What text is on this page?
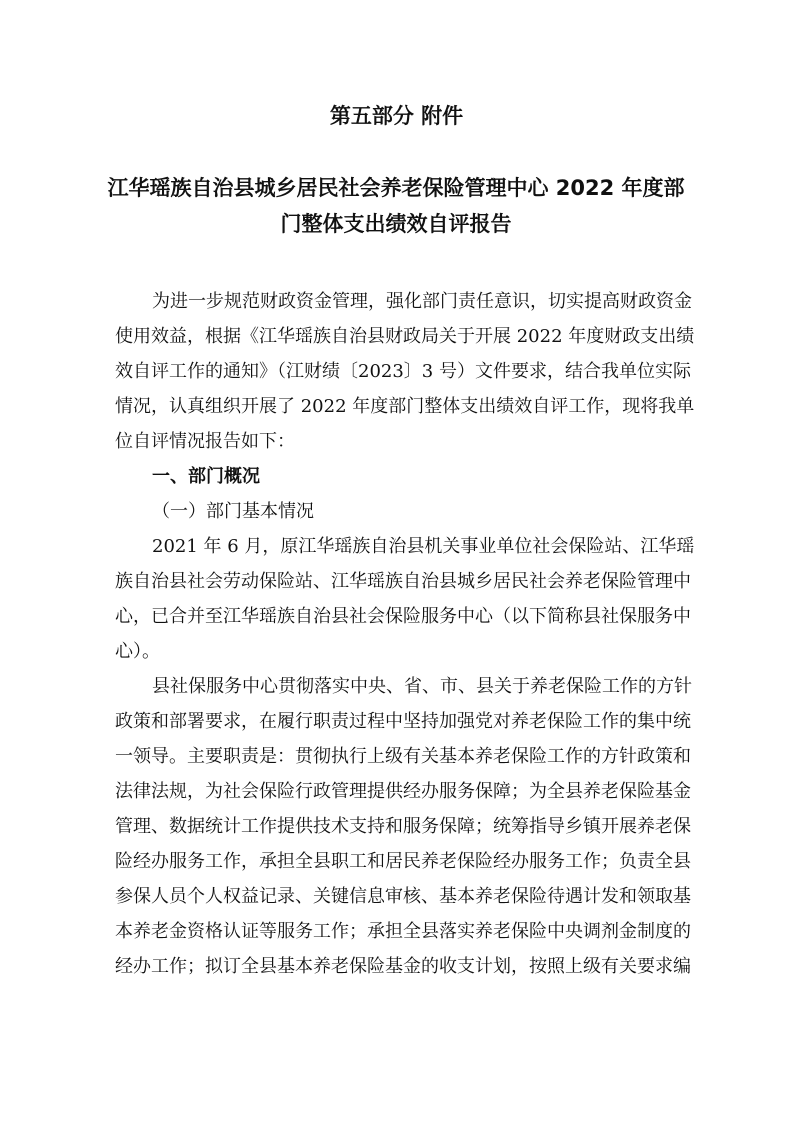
第五部分 附件
江华瑶族自治县城乡居民社会养老保险管理中心 2022 年度部
门整体支出绩效自评报告
为进一步规范财政资金管理，强化部门责任意识，切实提高财政资金
使用效益，根据《江华瑶族自治县财政局关于开展 2022 年度财政支出绩
效自评工作的通知》（江财绩〔2023〕3 号）文件要求，结合我单位实际
情况，认真组织开展了 2022 年度部门整体支出绩效自评工作，现将我单
位自评情况报告如下：
一、部门概况
（一）部门基本情况
2021 年 6 月，原江华瑶族自治县机关事业单位社会保险站、江华瑶
族自治县社会劳动保险站、江华瑶族自治县城乡居民社会养老保险管理中
心，已合并至江华瑶族自治县社会保险服务中心（以下简称县社保服务中
心）。
县社保服务中心贯彻落实中央、省、市、县关于养老保险工作的方针
政策和部署要求，在履行职责过程中坚持加强党对养老保险工作的集中统
一领导。主要职责是：贯彻执行上级有关基本养老保险工作的方针政策和
法律法规，为社会保险行政管理提供经办服务保障；为全县养老保险基金
管理、数据统计工作提供技术支持和服务保障；统筹指导乡镇开展养老保
险经办服务工作，承担全县职工和居民养老保险经办服务工作；负责全县
参保人员个人权益记录、关键信息审核、基本养老保险待遇计发和领取基
本养老金资格认证等服务工作；承担全县落实养老保险中央调剂金制度的
经办工作；拟订全县基本养老保险基金的收支计划，按照上级有关要求编
